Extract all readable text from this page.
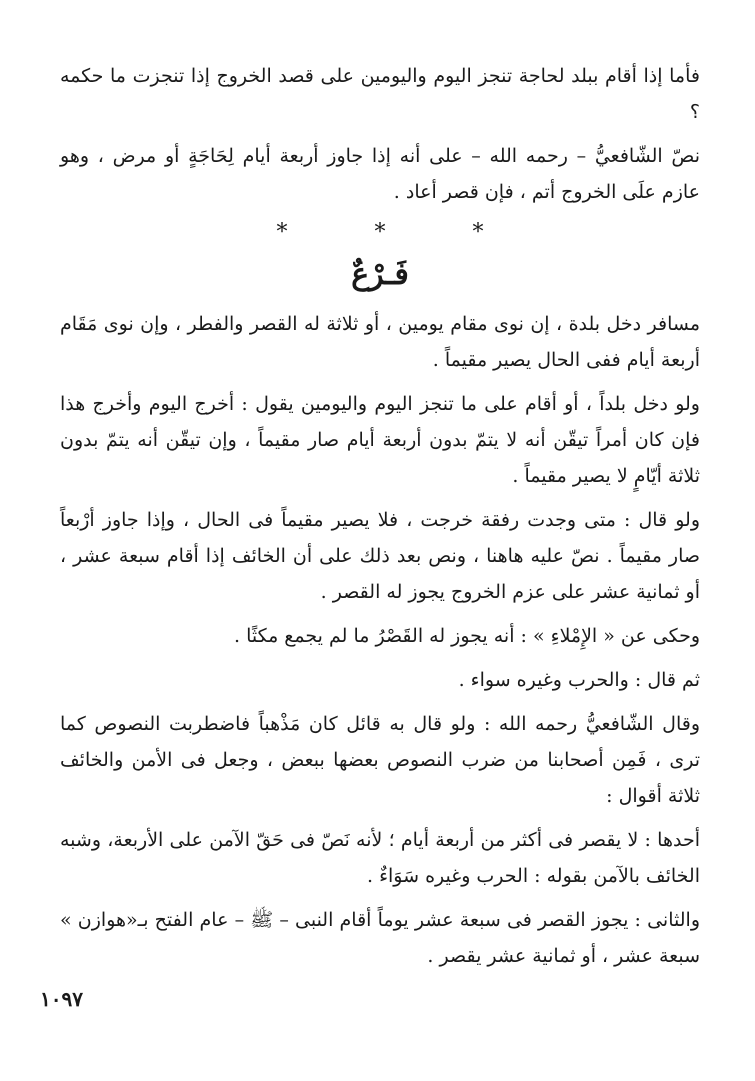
فأما إذا أقام ببلد لحاجة تنجز اليوم واليومين على قصد الخروج إذا تنجزت ما حكمه ؟

نصّ الشّافعيُّ – رحمه الله – على أنه إذا جاوز أربعة أيام لِحَاجَةٍ أو مرض ، وهو عازم علَى الخروج أتم ، فإن قصر أعاد .

* * *
فَـرْعٌ

مسافر دخل بلدة ، إن نوى مقام يومين ، أو ثلاثة له القصر والفطر ، وإن نوى مَقَام أربعة أيام ففى الحال يصير مقيماً .

ولو دخل بلداً ، أو أقام على ما تنجز اليوم واليومين يقول : أخرج اليوم وأخرج هذا فإن كان أمراً تيقّن أنه لا يتمّ بدون أربعة أيام صار مقيماً ، وإن تيقّن أنه يتمّ بدون ثلاثة أيّامٍ لا يصير مقيماً .

ولو قال : متى وجدت رفقة خرجت ، فلا يصير مقيماً فى الحال ، وإذا جاوز أرْبعاً صار مقيماً . نصّ عليه هاهنا ، ونص بعد ذلك على أن الخائف إذا أقام سبعة عشر ، أو ثمانية عشر على عزم الخروج يجوز له القصر .

وحكى عن « الإِمْلاءِ » : أنه يجوز له القَصْرُ ما لم يجمع مكثًا .

ثم قال : والحرب وغيره سواء .

وقال الشّافعيُّ رحمه الله : ولو قال به قائل كان مَذْهباً فاضطربت النصوص كما ترى ، فَمِن أصحابنا من ضرب النصوص بعضها ببعض ، وجعل فى الأمن والخائف ثلاثة أقوال :

أحدها : لا يقصر فى أكثر من أربعة أيام ؛ لأنه نَصّ فى حَقّ الآمن على الأربعة، وشبه الخائف بالآمن بقوله : الحرب وغيره سَوَاءٌ .

والثانى : يجوز القصر فى سبعة عشر يوماً أقام النبى – ﷺ – عام الفتح بـ«هوازن » سبعة عشر ، أو ثمانية عشر يقصر .

١٠٩٧
